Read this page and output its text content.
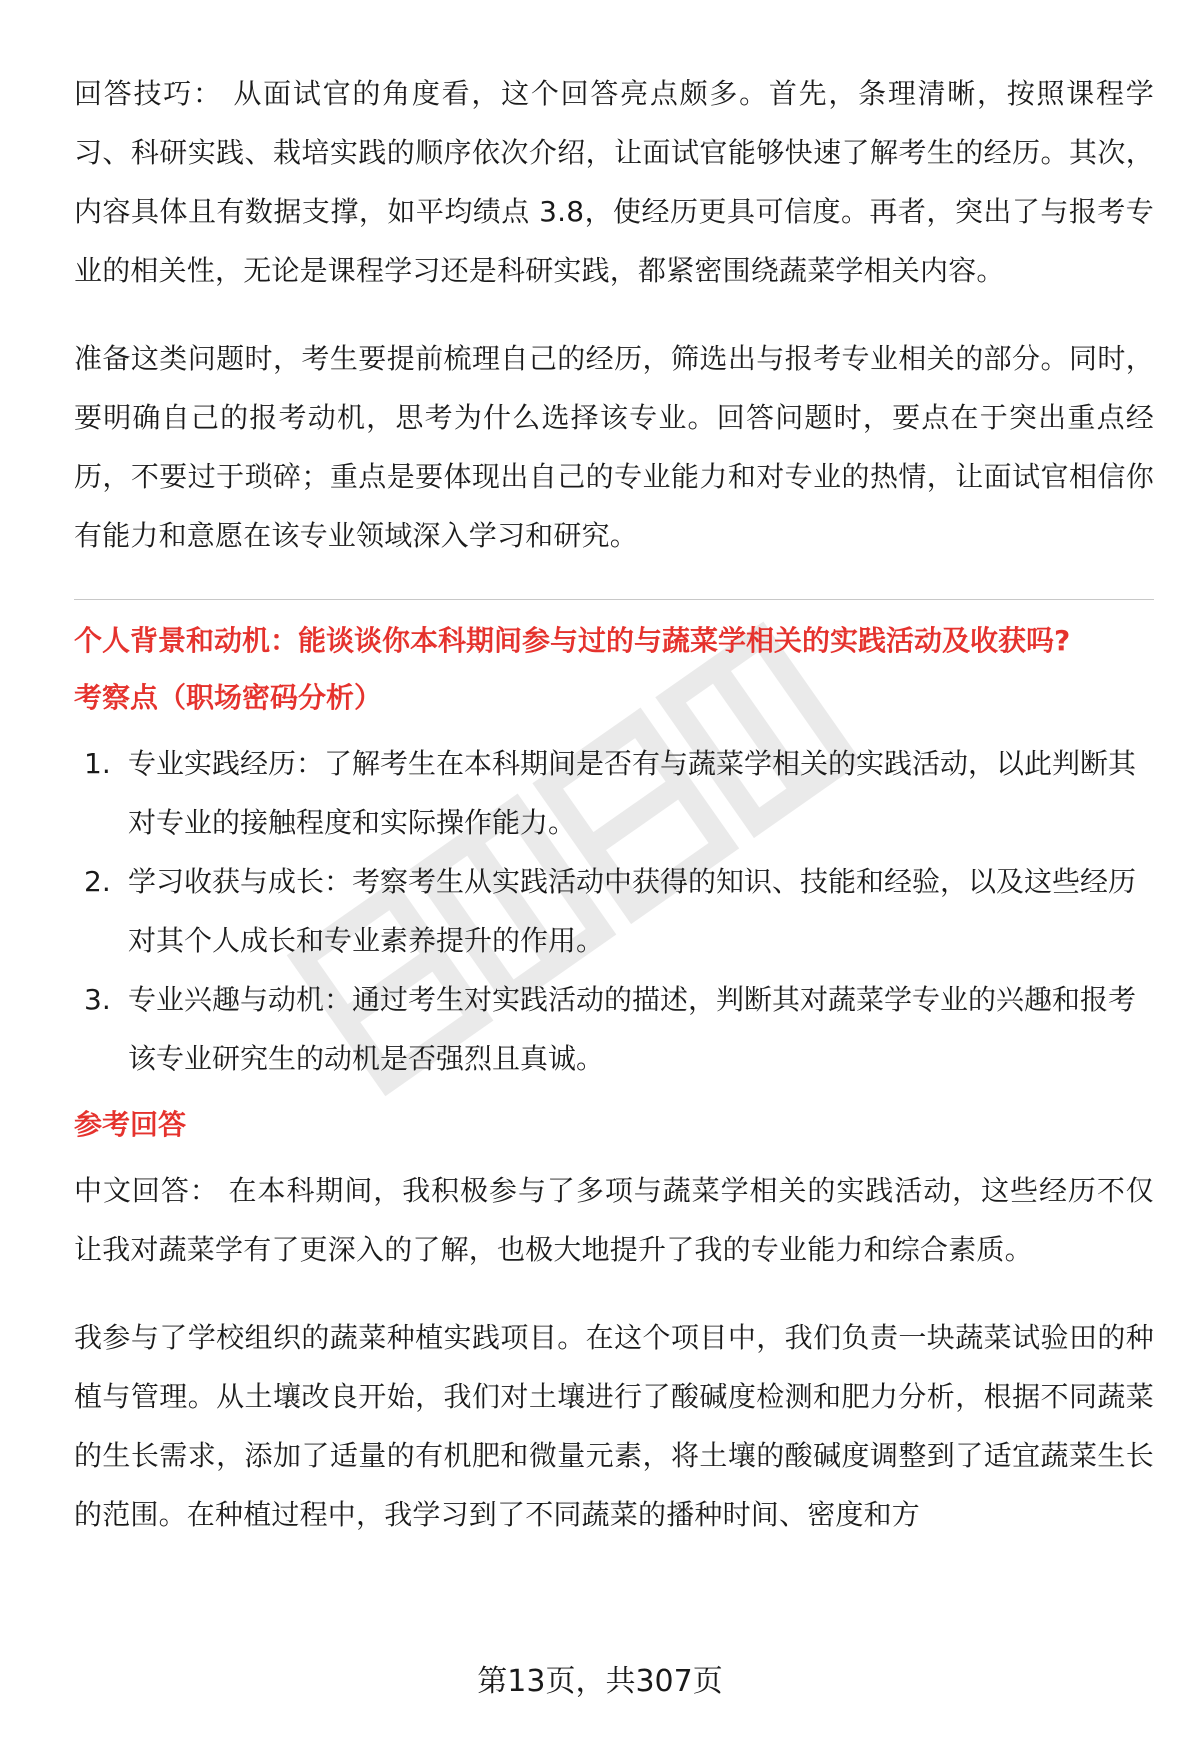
回答技巧： 从面试官的角度看，这个回答亮点颇多。首先，条理清晰，按照课程学习、科研实践、栽培实践的顺序依次介绍，让面试官能够快速了解考生的经历。其次，内容具体且有数据支撑，如平均绩点 3.8，使经历更具可信度。再者，突出了与报考专业的相关性，无论是课程学习还是科研实践，都紧密围绕蔬菜学相关内容。

准备这类问题时，考生要提前梳理自己的经历，筛选出与报考专业相关的部分。同时，要明确自己的报考动机，思考为什么选择该专业。回答问题时，要点在于突出重点经历，不要过于琐碎；重点是要体现出自己的专业能力和对专业的热情，让面试官相信你有能力和意愿在该专业领域深入学习和研究。

个人背景和动机：能谈谈你本科期间参与过的与蔬菜学相关的实践活动及收获吗?

考察点（职场密码分析）

1. 专业实践经历：了解考生在本科期间是否有与蔬菜学相关的实践活动，以此判断其对专业的接触程度和实际操作能力。
2. 学习收获与成长：考察考生从实践活动中获得的知识、技能和经验，以及这些经历对其个人成长和专业素养提升的作用。
3. 专业兴趣与动机：通过考生对实践活动的描述，判断其对蔬菜学专业的兴趣和报考该专业研究生的动机是否强烈且真诚。

参考回答

中文回答： 在本科期间，我积极参与了多项与蔬菜学相关的实践活动，这些经历不仅让我对蔬菜学有了更深入的了解，也极大地提升了我的专业能力和综合素质。

我参与了学校组织的蔬菜种植实践项目。在这个项目中，我们负责一块蔬菜试验田的种植与管理。从土壤改良开始，我们对土壤进行了酸碱度检测和肥力分析，根据不同蔬菜的生长需求，添加了适量的有机肥和微量元素，将土壤的酸碱度调整到了适宜蔬菜生长的范围。在种植过程中，我学习到了不同蔬菜的播种时间、密度和方

第13页，共307页
